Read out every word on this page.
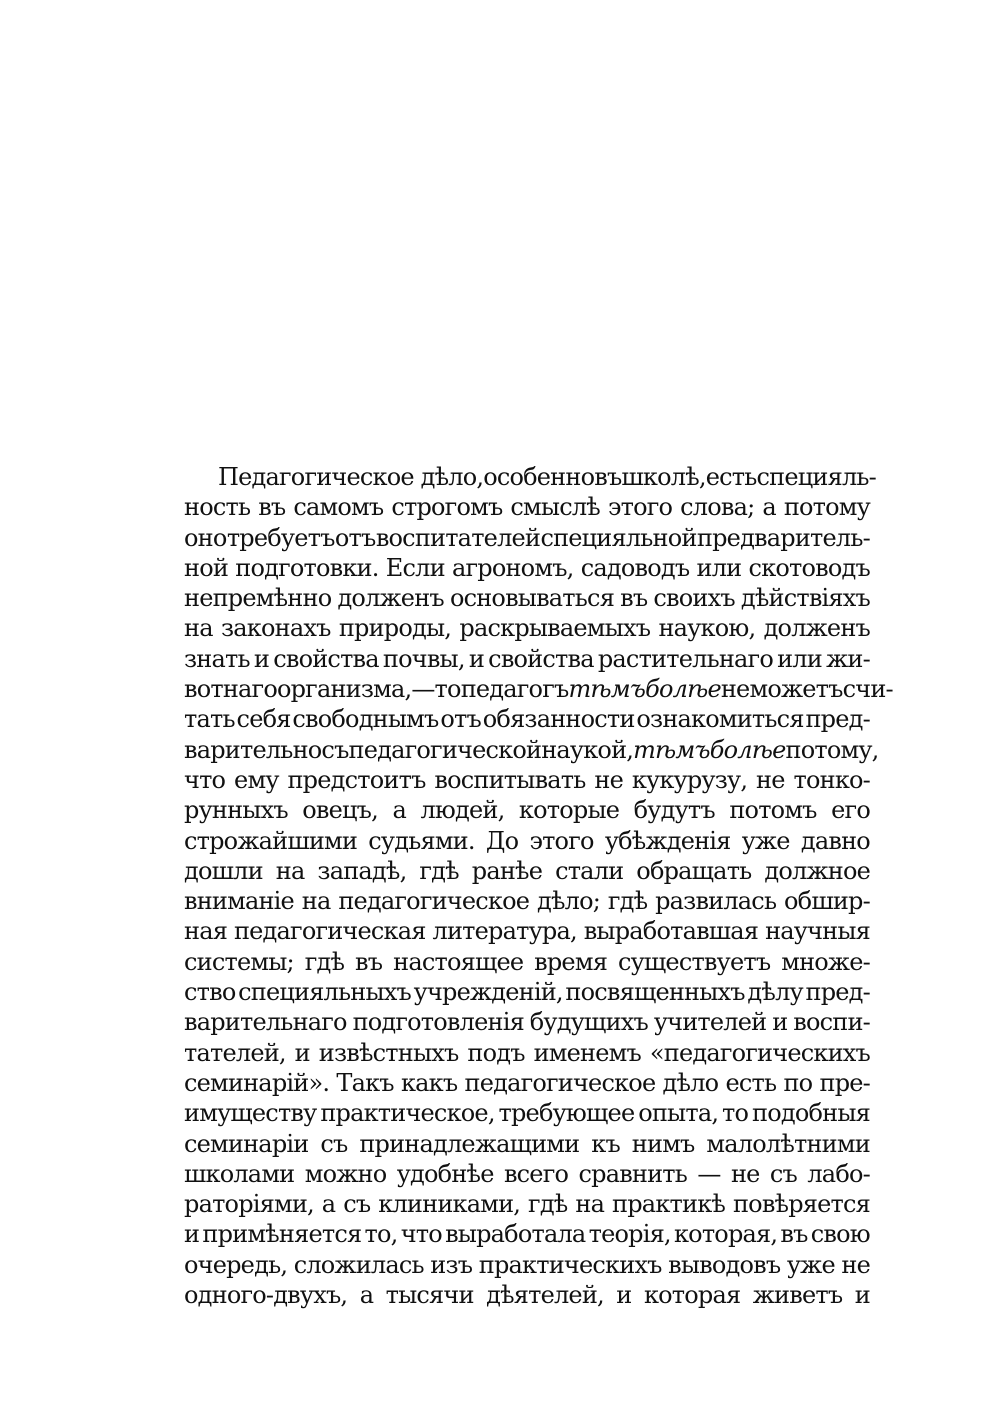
Педагогическое дѣло, особенно въ школѣ, есть специяль-
ность въ самомъ строгомъ смыслѣ этого слова; а потому
оно требуетъ отъ воспитателей специяльной предваритель-
ной подготовки. Если агрономъ, садоводъ или скотоводъ
непремѣнно долженъ основываться въ своихъ дѣйствiяхъ
на законахъ природы, раскрываемыхъ наукою, долженъ
знать и свойства почвы, и свойства растительнаго или жи-
вотнаго организма,—то педагогъ тѣмъ болѣе не можетъ счи-
тать себя свободнымъ отъ обязанности ознакомиться пред-
варительно съ педагогической наукой, тѣмъ болѣе потому,
что ему предстоитъ воспитывать не кукурузу, не тонко-
рунныхъ овецъ, а людей, которые будутъ потомъ его
строжайшими судьями. До этого убѣжденія уже давно
дошли на западѣ, гдѣ ранѣе стали обращать должное
вниманіе на педагогическое дѣло; гдѣ развилась обшир-
ная педагогическая литература, выработавшая научныя
системы; гдѣ въ настоящее время существуетъ множе-
ство специяльныхъ учрежденій, посвященныхъ дѣлу пред-
варительнаго подготовленія будущихъ учителей и воспи-
тателей, и извѣстныхъ подъ именемъ «педагогическихъ
семинарій». Такъ какъ педагогическое дѣло есть по пре-
имуществу практическое, требующее опыта, то подобныя
семинаріи съ принадлежащими къ нимъ малолѣтними
школами можно удобнѣе всего сравнить — не съ лабо-
раторіями, а съ клиниками, гдѣ на практикѣ повѣряется
и примѣняется то, что выработала теорія, которая, въ свою
очередь, сложилась изъ практическихъ выводовъ уже не
одного-двухъ, а тысячи дѣятелей, и которая живетъ и
